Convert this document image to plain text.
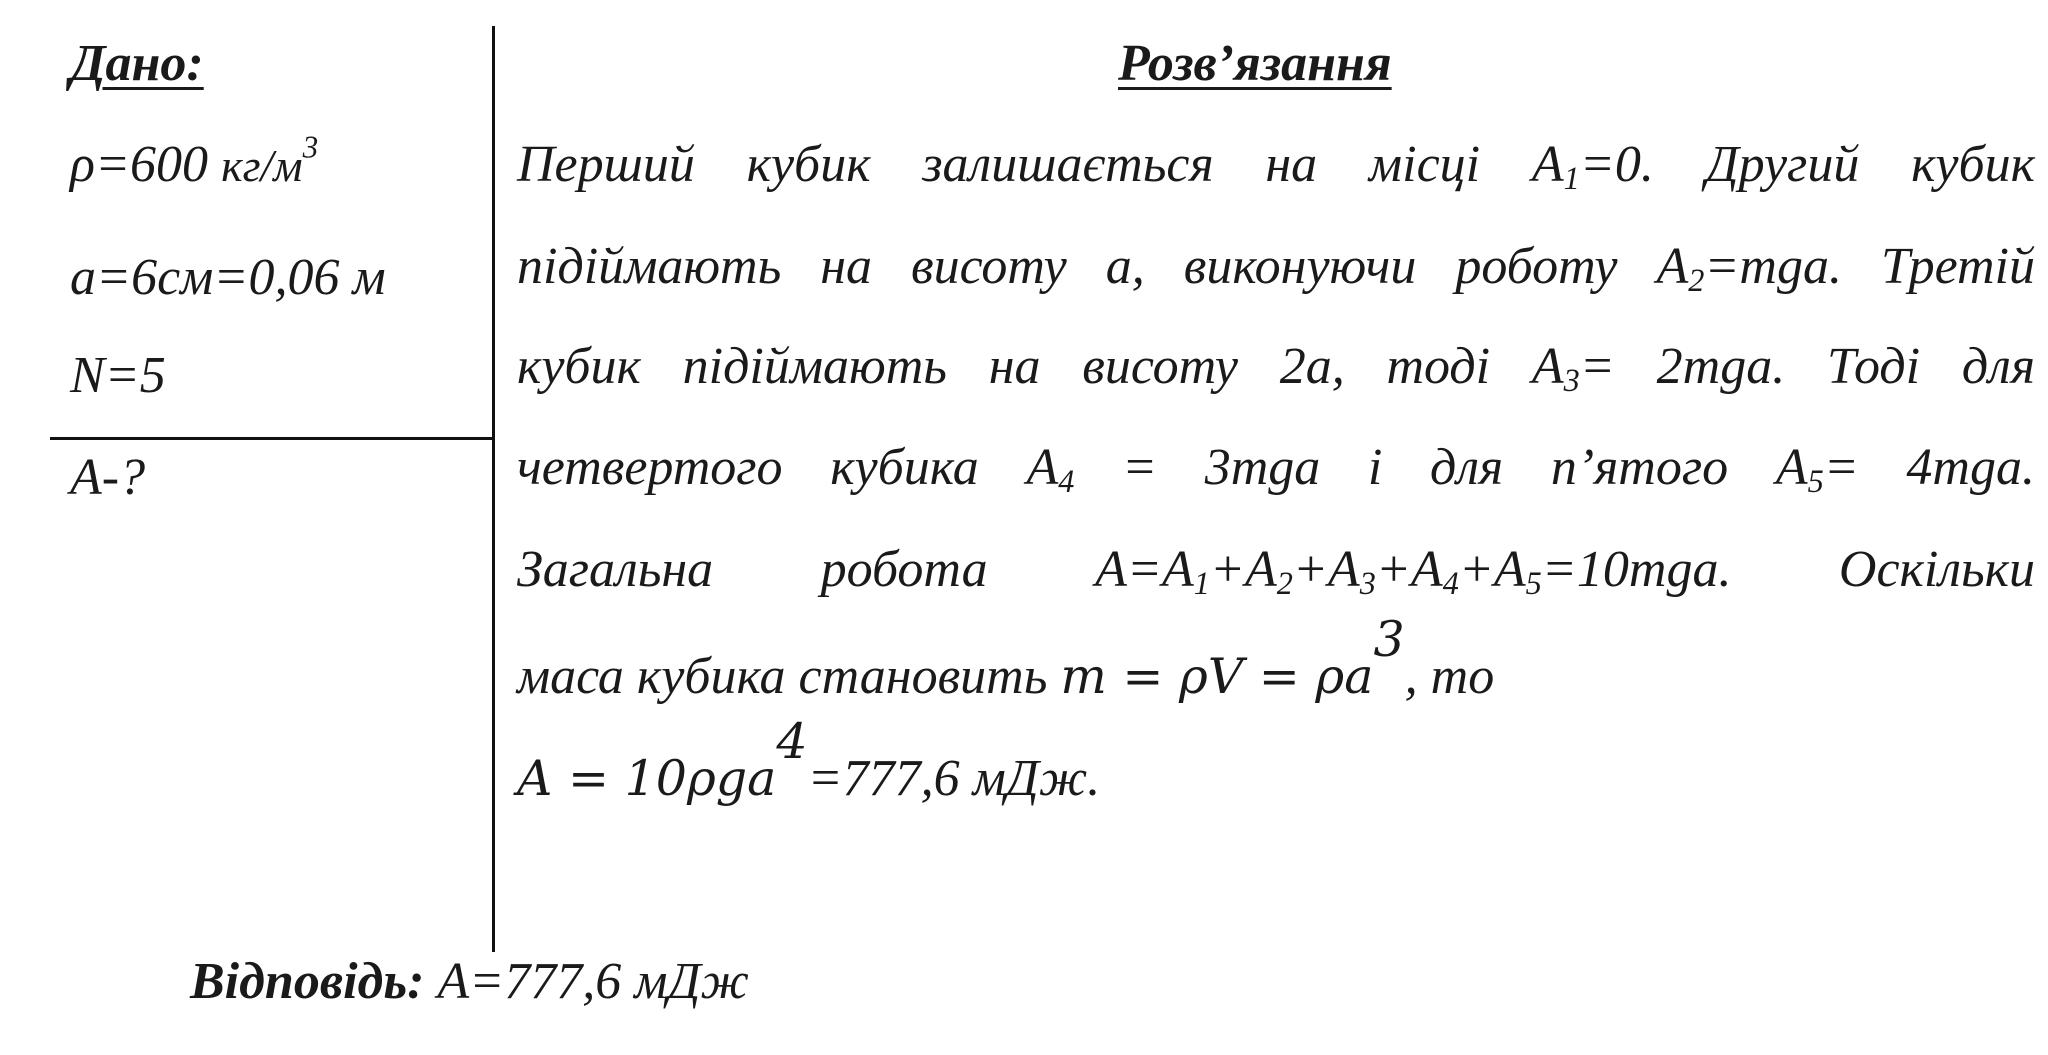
Дано:
ρ=600 $кг/м^3$
a=6см=0,06 м
N=5
A-?
Розв’язання
Перший кубик залишається на місці $A_1=0$. Другий кубик
підіймають на висоту a, виконуючи роботу $A_2=mga$. Третій
кубик підіймають на висоту 2a, тоді $A_3= 2mga$. Тоді для
четвертого кубика $A_4 = 3mga$ і для п’ятого $A_5= 4mga$.
Загальна робота $A=A_1+A_2+A_3+A_4+A_5=10mga$. Оскільки
маса кубика становить $m = \rho V = \rho a^3$, то
A = 10ρga$^4$=777,6 мДж.
Відповідь: A=777,6 мДж
